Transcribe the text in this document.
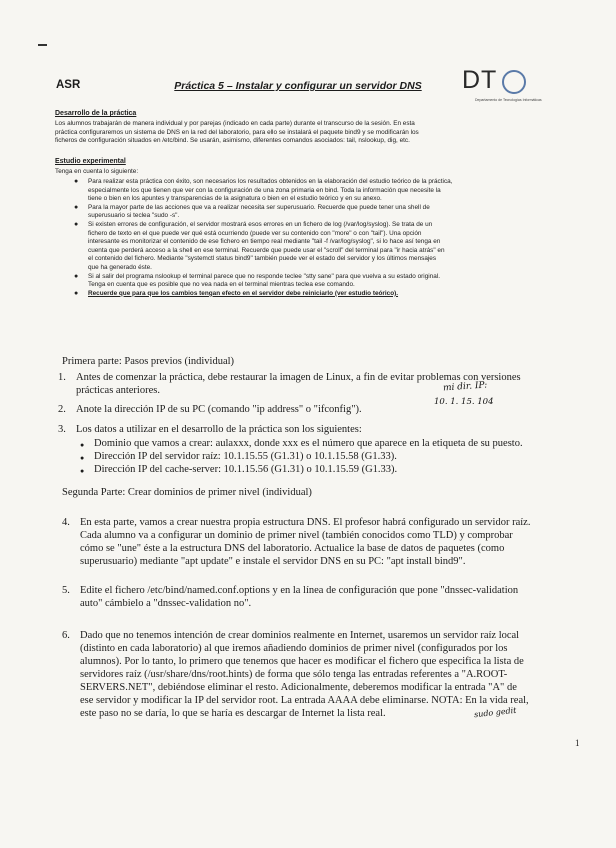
ASR	Práctica 5 – Instalar y configurar un servidor DNS	DT
Departamento de Tecnologías Informáticas
Desarrollo de la práctica
Los alumnos trabajarán de manera individual y por parejas (indicado en cada parte) durante el transcurso de la sesión. En esta
práctica configuraremos un sistema de DNS en la red del laboratorio, para ello se instalará el paquete bind9 y se modificarán los
ficheros de configuración situados en /etc/bind. Se usarán, asimismo, diferentes comandos asociados: tail, nslookup, dig, etc.
Estudio experimental
Tenga en cuenta lo siguiente:
● Para realizar esta práctica con éxito, son necesarios los resultados obtenidos en la elaboración del estudio teórico de la práctica,
especialmente los que tienen que ver con la configuración de una zona primaria en bind. Toda la información que necesite la
tiene o bien en los apuntes y transparencias de la asignatura o bien en el estudio teórico y en su anexo.
● Para la mayor parte de las acciones que va a realizar necesita ser superusuario. Recuerde que puede tener una shell de
superusuario si teclea "sudo -s".
● Si existen errores de configuración, el servidor mostrará esos errores en un fichero de log (/var/log/syslog). Se trata de un
fichero de texto en el que puede ver qué está ocurriendo (puede ver su contenido con "more" o con "tail"). Una opción
interesante es monitorizar el contenido de ese fichero en tiempo real mediante "tail -f /var/log/syslog", si lo hace así tenga en
cuenta que perderá acceso a la shell en ese terminal. Recuerde que puede usar el "scroll" del terminal para "ir hacia atrás" en
el contenido del fichero. Mediante "systemctl status bind9" también puede ver el estado del servidor y los últimos mensajes
que ha generado éste.
● Si al salir del programa nslookup el terminal parece que no responde teclee "stty sane" para que vuelva a su estado original.
Tenga en cuenta que es posible que no vea nada en el terminal mientras teclea ese comando.
● Recuerde que para que los cambios tengan efecto en el servidor debe reiniciarlo (ver estudio teórico).
Primera parte: Pasos previos (individual)
1. Antes de comenzar la práctica, debe restaurar la imagen de Linux, a fin de evitar problemas con versiones
prácticas anteriores.	mi dir. IP:
10. 1. 15. 104
2. Anote la dirección IP de su PC (comando "ip address" o "ifconfig").
3. Los datos a utilizar en el desarrollo de la práctica son los siguientes:
● Dominio que vamos a crear: aulaxxx, donde xxx es el número que aparece en la etiqueta de su puesto.
● Dirección IP del servidor raíz: 10.1.15.55 (G1.31) o 10.1.15.58 (G1.33).
● Dirección IP del cache-server: 10.1.15.56 (G1.31) o 10.1.15.59 (G1.33).
Segunda Parte: Crear dominios de primer nivel (individual)
4. En esta parte, vamos a crear nuestra propia estructura DNS. El profesor habrá configurado un servidor raíz.
Cada alumno va a configurar un dominio de primer nivel (también conocidos como TLD) y comprobar
cómo se "une" éste a la estructura DNS del laboratorio. Actualice la base de datos de paquetes (como
superusuario) mediante "apt update" e instale el servidor DNS en su PC: "apt install bind9".
5. Edite el fichero /etc/bind/named.conf.options y en la línea de configuración que pone "dnssec-validation
auto" cámbielo a "dnssec-validation no".
6. Dado que no tenemos intención de crear dominios realmente en Internet, usaremos un servidor raíz local
(distinto en cada laboratorio) al que iremos añadiendo dominios de primer nivel (configurados por los
alumnos). Por lo tanto, lo primero que tenemos que hacer es modificar el fichero que especifica la lista de
servidores raíz (/usr/share/dns/root.hints) de forma que sólo tenga las entradas referentes a "A.ROOT-
SERVERS.NET", debiéndose eliminar el resto. Adicionalmente, deberemos modificar la entrada "A" de
ese servidor y modificar la IP del servidor root. La entrada AAAA debe eliminarse. NOTA: En la vida real,
este paso no se daría, lo que se haría es descargar de Internet la lista real.	sudo gedit
1
